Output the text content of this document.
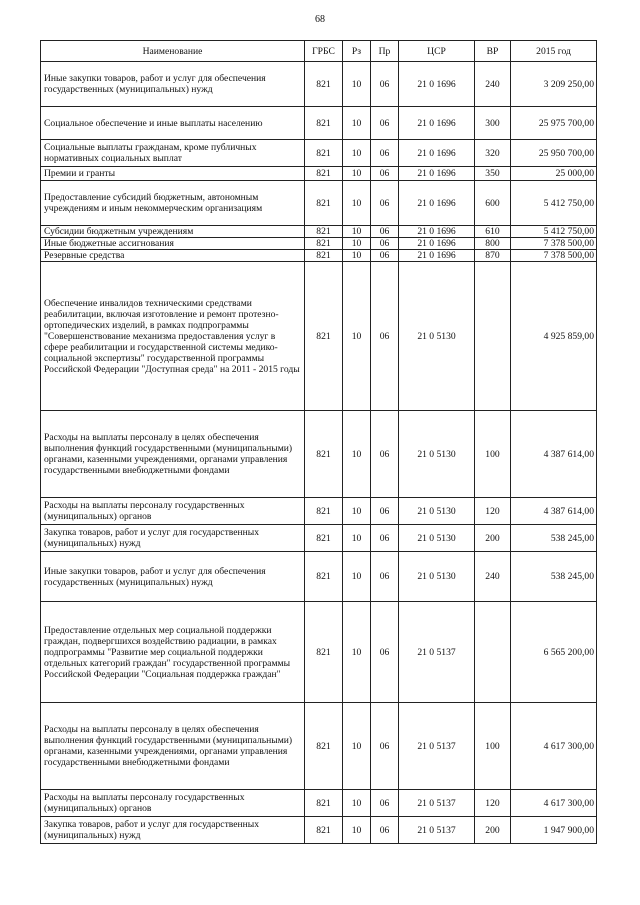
68
Наименование	ГРБС	Рз	Пр	ЦСР	ВР	2015 год
Иные закупки товаров, работ и услуг для обеспечения государственных (муниципальных) нужд	821	10	06	21 0 1696	240	3 209 250,00
Социальное обеспечение и иные выплаты населению	821	10	06	21 0 1696	300	25 975 700,00
Социальные выплаты гражданам, кроме публичных нормативных социальных выплат	821	10	06	21 0 1696	320	25 950 700,00
Премии и гранты	821	10	06	21 0 1696	350	25 000,00
Предоставление субсидий бюджетным, автономным учреждениям и иным некоммерческим организациям	821	10	06	21 0 1696	600	5 412 750,00
Субсидии бюджетным учреждениям	821	10	06	21 0 1696	610	5 412 750,00
Иные бюджетные ассигнования	821	10	06	21 0 1696	800	7 378 500,00
Резервные средства	821	10	06	21 0 1696	870	7 378 500,00
Обеспечение инвалидов техническими средствами реабилитации, включая изготовление и ремонт протезно-ортопедических изделий, в рамках подпрограммы "Совершенствование механизма предоставления услуг в сфере реабилитации и государственной системы медико-социальной экспертизы" государственной программы Российской Федерации "Доступная среда" на 2011 - 2015 годы	821	10	06	21 0 5130		4 925 859,00
Расходы на выплаты персоналу в целях обеспечения выполнения функций государственными (муниципальными) органами, казенными учреждениями, органами управления государственными внебюджетными фондами	821	10	06	21 0 5130	100	4 387 614,00
Расходы на выплаты персоналу государственных (муниципальных) органов	821	10	06	21 0 5130	120	4 387 614,00
Закупка товаров, работ и услуг для государственных (муниципальных) нужд	821	10	06	21 0 5130	200	538 245,00
Иные закупки товаров, работ и услуг для обеспечения государственных (муниципальных) нужд	821	10	06	21 0 5130	240	538 245,00
Предоставление отдельных мер социальной поддержки граждан, подвергшихся воздействию радиации, в рамках подпрограммы "Развитие мер социальной поддержки отдельных категорий граждан" государственной программы Российской Федерации "Социальная поддержка граждан"	821	10	06	21 0 5137		6 565 200,00
Расходы на выплаты персоналу в целях обеспечения выполнения функций государственными (муниципальными) органами, казенными учреждениями, органами управления государственными внебюджетными фондами	821	10	06	21 0 5137	100	4 617 300,00
Расходы на выплаты персоналу государственных (муниципальных) органов	821	10	06	21 0 5137	120	4 617 300,00
Закупка товаров, работ и услуг для государственных (муниципальных) нужд	821	10	06	21 0 5137	200	1 947 900,00
